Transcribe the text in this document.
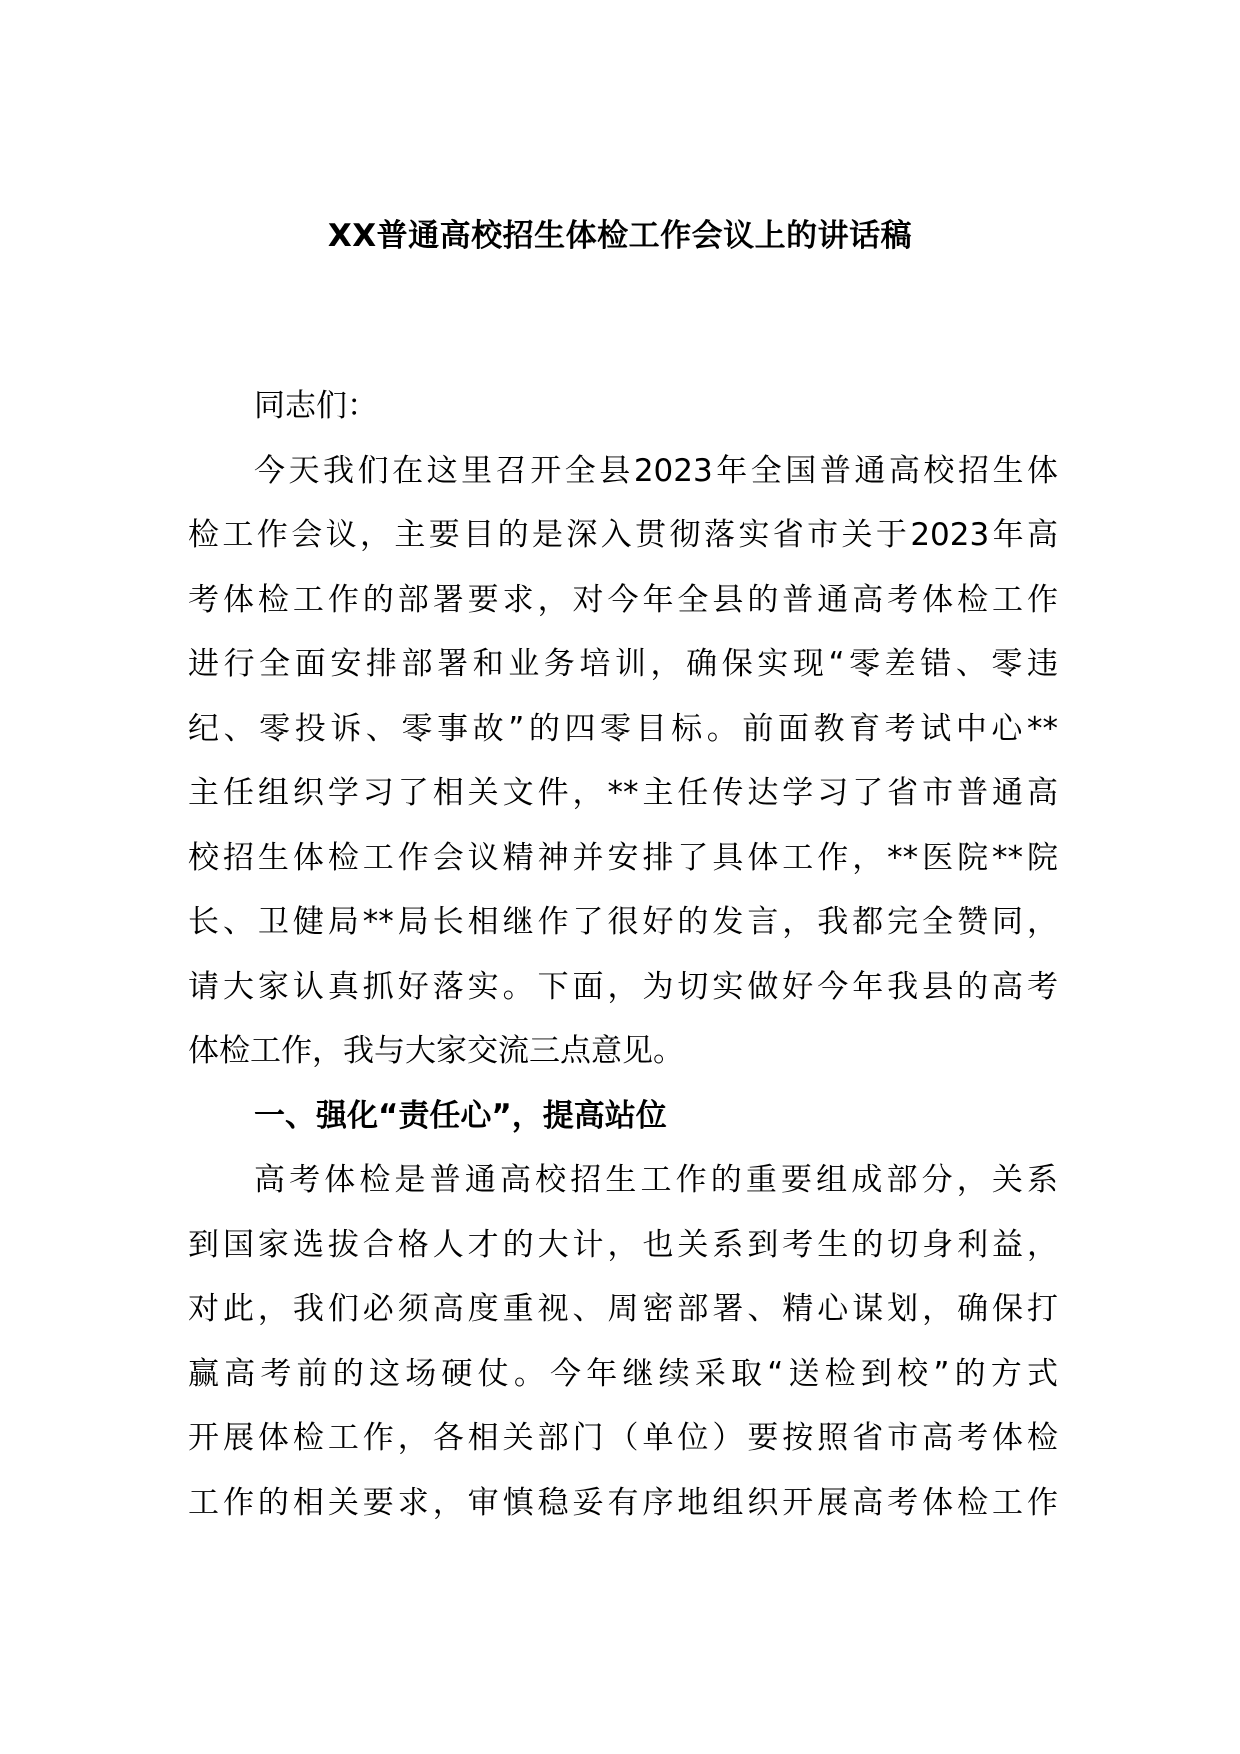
XX普通高校招生体检工作会议上的讲话稿
同志们：
今天我们在这里召开全县2023年全国普通高校招生体
检工作会议，主要目的是深入贯彻落实省市关于2023年高
考体检工作的部署要求，对今年全县的普通高考体检工作
进行全面安排部署和业务培训，确保实现“零差错、零违
纪、零投诉、零事故”的四零目标。前面教育考试中心**
主任组织学习了相关文件，**主任传达学习了省市普通高
校招生体检工作会议精神并安排了具体工作，**医院**院
长、卫健局**局长相继作了很好的发言，我都完全赞同，
请大家认真抓好落实。下面，为切实做好今年我县的高考
体检工作，我与大家交流三点意见。
一、强化“责任心”，提高站位
高考体检是普通高校招生工作的重要组成部分，关系
到国家选拔合格人才的大计，也关系到考生的切身利益，
对此，我们必须高度重视、周密部署、精心谋划，确保打
赢高考前的这场硬仗。今年继续采取“送检到校”的方式
开展体检工作，各相关部门（单位）要按照省市高考体检
工作的相关要求，审慎稳妥有序地组织开展高考体检工作
